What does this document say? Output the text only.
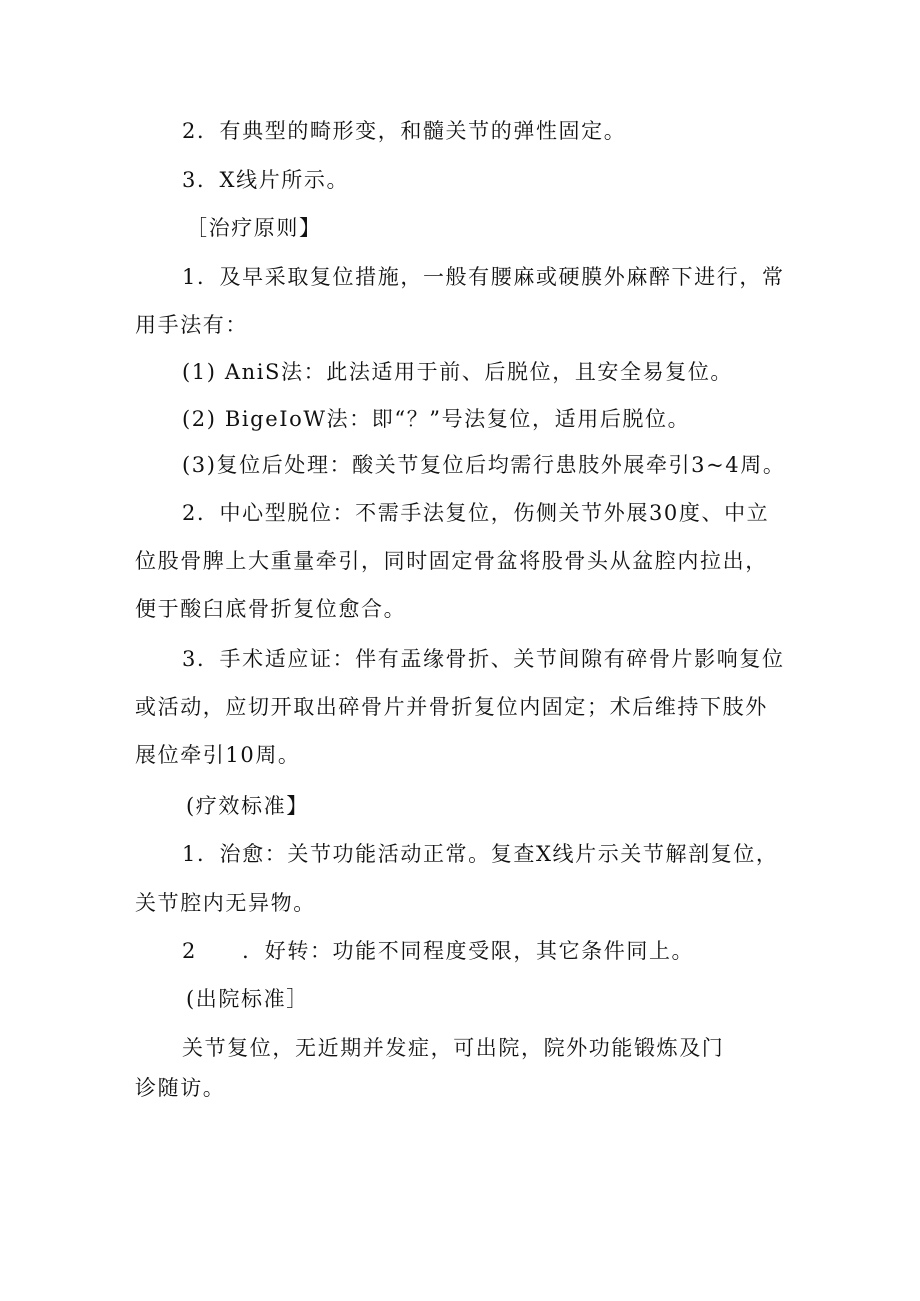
2．有典型的畸形变，和髓关节的弹性固定。
3．X线片所示。
［治疗原则】
1．及早采取复位措施，一般有腰麻或硬膜外麻醉下进行，常
用手法有：
(1) AniS法：此法适用于前、后脱位，且安全易复位。
(2) BigeIoW法：即“？”号法复位，适用后脱位。
(3)复位后处理：酸关节复位后均需行患肢外展牵引3~4周。
2．中心型脱位：不需手法复位，伤侧关节外展30度、中立
位股骨脾上大重量牵引，同时固定骨盆将股骨头从盆腔内拉出，
便于酸臼底骨折复位愈合。
3．手术适应证：伴有盂缘骨折、关节间隙有碎骨片影响复位
或活动，应切开取出碎骨片并骨折复位内固定；术后维持下肢外
展位牵引10周。
(疗效标准】
1．治愈：关节功能活动正常。复查X线片示关节解剖复位，
关节腔内无异物。
2　　．好转：功能不同程度受限，其它条件同上。
(出院标准］
关节复位，无近期并发症，可出院，院外功能锻炼及门
诊随访。
